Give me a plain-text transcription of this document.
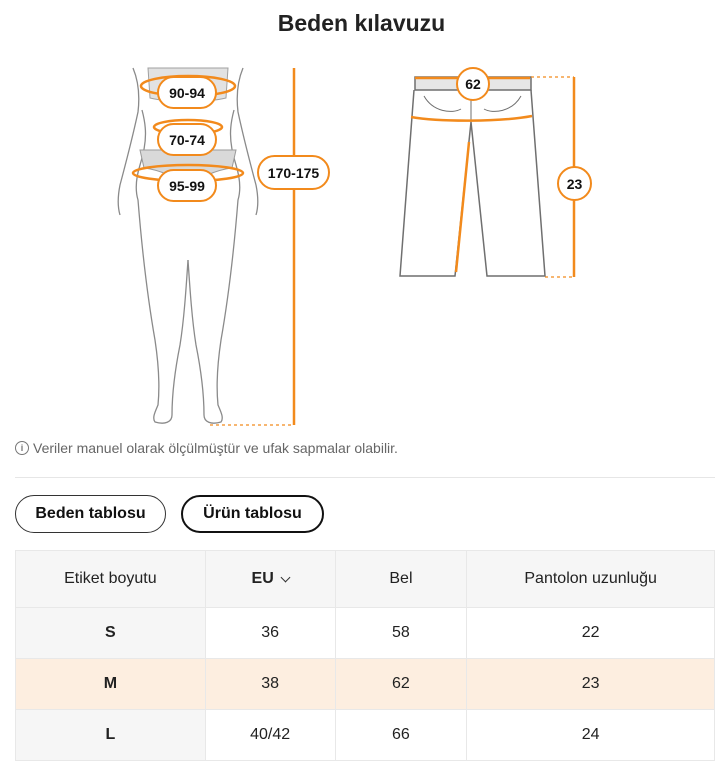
Beden kılavuzu
90-94
70-74
95-99
170-175
62
23
i Veriler manuel olarak ölçülmüştür ve ufak sapmalar olabilir.
Beden tablosu	Ürün tablosu
Etiket boyutu	EU	Bel	Pantolon uzunluğu
S	36	58	22
M	38	62	23
L	40/42	66	24
